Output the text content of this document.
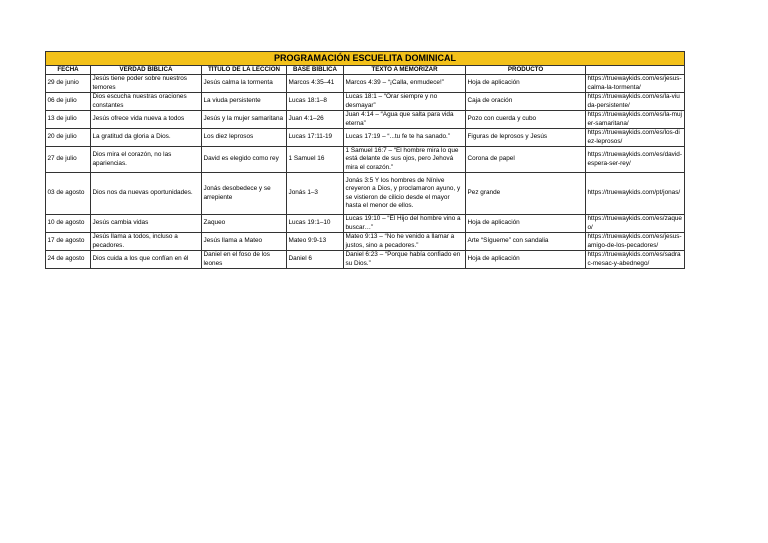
PROGRAMACIÓN ESCUELITA DOMINICAL						
FECHA	VERDAD BÍBLICA	TÍTULO DE LA LECCIÓN	BASE BÍBLICA	TEXTO A MEMORIZAR	PRODUCTO	
29 de junio	Jesús tiene poder sobre nuestros temores	Jesús calma la tormenta	Marcos 4:35–41	Marcos 4:39 – “¡Calla, enmudece!”	Hoja de aplicación	https://truewaykids.com/es/jesus-calma-la-tormenta/
06 de julio	Dios escucha nuestras oraciones constantes	La viuda persistente	Lucas 18:1–8	Lucas 18:1 – “Orar siempre y no desmayar”	Caja de oración	https://truewaykids.com/es/la-viuda-persistente/
13 de julio	Jesús ofrece vida nueva a todos	Jesús y la mujer samaritana	Juan 4:1–26	Juan 4:14 – “Agua que salta para vida eterna”	Pozo con cuerda y cubo	https://truewaykids.com/es/la-mujer-samaritana/
20 de julio	La gratitud da gloria a Dios.	Los diez leprosos	Lucas 17:11-19	Lucas 17:19 – “...tu fe te ha sanado.”	Figuras de leprosos y Jesús	https://truewaykids.com/es/los-diez-leprosos/
27 de julio	Dios mira el corazón, no las apariencias.	David es elegido como rey	1 Samuel 16	1 Samuel 16:7 – “El hombre mira lo que está delante de sus ojos, pero Jehová mira el corazón.”	Corona de papel	https://truewaykids.com/es/david-espera-ser-rey/
03 de agosto	Dios nos da nuevas oportunidades.	Jonás desobedece y se arrepiente	Jonás 1–3	Jonás 3:5 Y los hombres de Nínive creyeron a Dios, y proclamaron ayuno, y se vistieron de cilicio desde el mayor hasta el menor de ellos.	Pez grande	https://truewaykids.com/pt/jonas/
10 de agosto	Jesús cambia vidas	Zaqueo	Lucas 19:1–10	Lucas 19:10 – “El Hijo del hombre vino a buscar…”	Hoja de aplicación	https://truewaykids.com/es/zaqueo/
17 de agosto	Jesús llama a todos, incluso a pecadores.	Jesús llama a Mateo	Mateo 9:9-13	Mateo 9:13 – “No he venido a llamar a justos, sino a pecadores.”	Arte “Sígueme” con sandalia	https://truewaykids.com/es/jesus-amigo-de-los-pecadores/
24 de agosto	Dios cuida a los que confían en él	Daniel en el foso de los leones	Daniel 6	Daniel 6:23 – “Porque había confiado en su Dios.”	Hoja de aplicación	https://truewaykids.com/es/sadrac-mesac-y-abednego/
